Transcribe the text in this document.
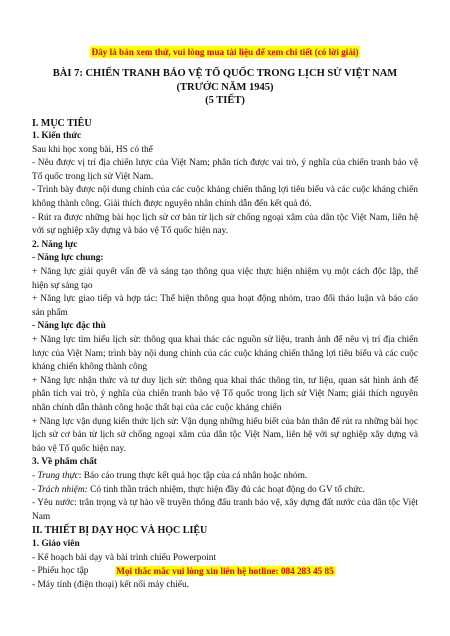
Đây là bản xem thử, vui lòng mua tài liệu để xem chi tiết (có lời giải)

BÀI 7: CHIẾN TRANH BẢO VỆ TỔ QUỐC TRONG LỊCH SỬ VIỆT NAM

(TRƯỚC NĂM 1945)

(5 TIẾT)

I. MỤC TIÊU

1. Kiến thức

Sau khi học xong bài, HS có thể

- Nêu được vị trí địa chiến lược của Việt Nam; phân tích được vai trò, ý nghĩa của chiến tranh bảo vệ Tổ quốc trong lịch sử Việt Nam.

- Trình bày được nội dung chính của các cuộc kháng chiến thắng lợi tiêu biểu và các cuộc kháng chiến không thành công. Giải thích được nguyên nhân chính dẫn đến kết quả đó.

- Rút ra được những bài học lịch sử cơ bản từ lịch sử chống ngoại xâm của dân tộc Việt Nam, liên hệ với sự nghiệp xây dựng và bảo vệ Tổ quốc hiện nay.

2. Năng lực

- Năng lực chung:

+ Năng lực giải quyết vấn đề và sáng tạo thông qua việc thực hiện nhiệm vụ một cách độc lập, thể hiện sự sáng tạo

+ Năng lực giao tiếp và hợp tác: Thể hiện thông qua hoạt động nhóm, trao đổi thảo luận và báo cáo sản phẩm

- Năng lực đặc thù

+ Năng lực tìm hiểu lịch sử: thông qua khai thác các nguồn sử liệu, tranh ảnh để nêu vị trí địa chiến lược của Việt Nam; trình bày nội dung chính của các cuộc kháng chiến thắng lợi tiêu biểu và các cuộc kháng chiến không thành công

+ Năng lực nhận thức và tư duy lịch sử: thông qua khai thác thông tin, tư liệu, quan sát hình ảnh để phân tích vai trò, ý nghĩa của chiến tranh bảo vệ Tổ quốc trong lịch sử Việt Nam; giải thích nguyên nhân chính dẫn thành công hoặc thất bại của các cuộc kháng chiến

+ Năng lực vận dụng kiến thức lịch sử: Vận dụng những hiểu biết của bản thân để rút ra những bài học lịch sử cơ bản từ lịch sử chống ngoại xâm của dân tộc Việt Nam, liên hệ với sự nghiệp xây dựng và bảo vệ Tổ quốc hiện nay.

3. Về phẩm chất

- Trung thực: Báo cáo trung thực kết quả học tập của cá nhân hoặc nhóm.

- Trách nhiệm: Có tinh thần trách nhiệm, thực hiện đầy đủ các hoạt động do GV tổ chức.

- Yêu nước: trân trọng và tự hào về truyền thống đấu tranh bảo vệ, xây dựng đất nước của dân tộc Việt Nam

II. THIẾT BỊ DẠY HỌC VÀ HỌC LIỆU

1. Giáo viên

- Kế hoạch bài dạy và bài trình chiếu Powerpoint

- Phiếu học tập

- Máy tính (điện thoại) kết nối máy chiếu.

Mọi thắc mắc vui lòng xin liên hệ hotline: 084 283 45 85
